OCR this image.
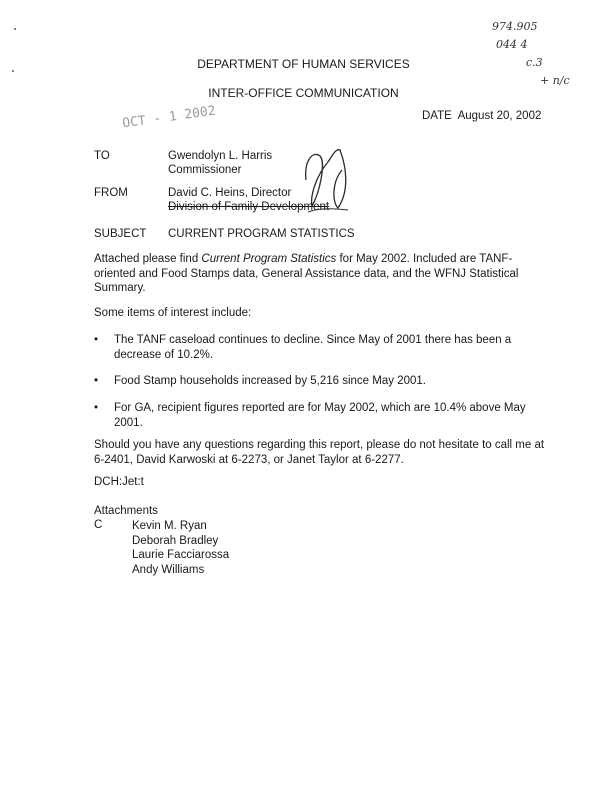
974.905
044 4
c.3
+ n/c
DEPARTMENT OF HUMAN SERVICES
INTER-OFFICE COMMUNICATION
OCT - 1 2002	DATE August 20, 2002
TO	Gwendolyn L. Harris
Commissioner
FROM	David C. Heins, Director
Division of Family Development
SUBJECT CURRENT PROGRAM STATISTICS
Attached please find Current Program Statistics for May 2002. Included are TANF-
oriented and Food Stamps data, General Assistance data, and the WFNJ Statistical
Summary.
Some items of interest include:
• The TANF caseload continues to decline. Since May of 2001 there has been a
decrease of 10.2%.
• Food Stamp households increased by 5,216 since May 2001.
• For GA, recipient figures reported are for May 2002, which are 10.4% above May
2001.
Should you have any questions regarding this report, please do not hesitate to call me at
6-2401, David Karwoski at 6-2273, or Janet Taylor at 6-2277.
DCH:Jet:t
Attachments
C	Kevin M. Ryan
Deborah Bradley
Laurie Facciarossa
Andy Williams
